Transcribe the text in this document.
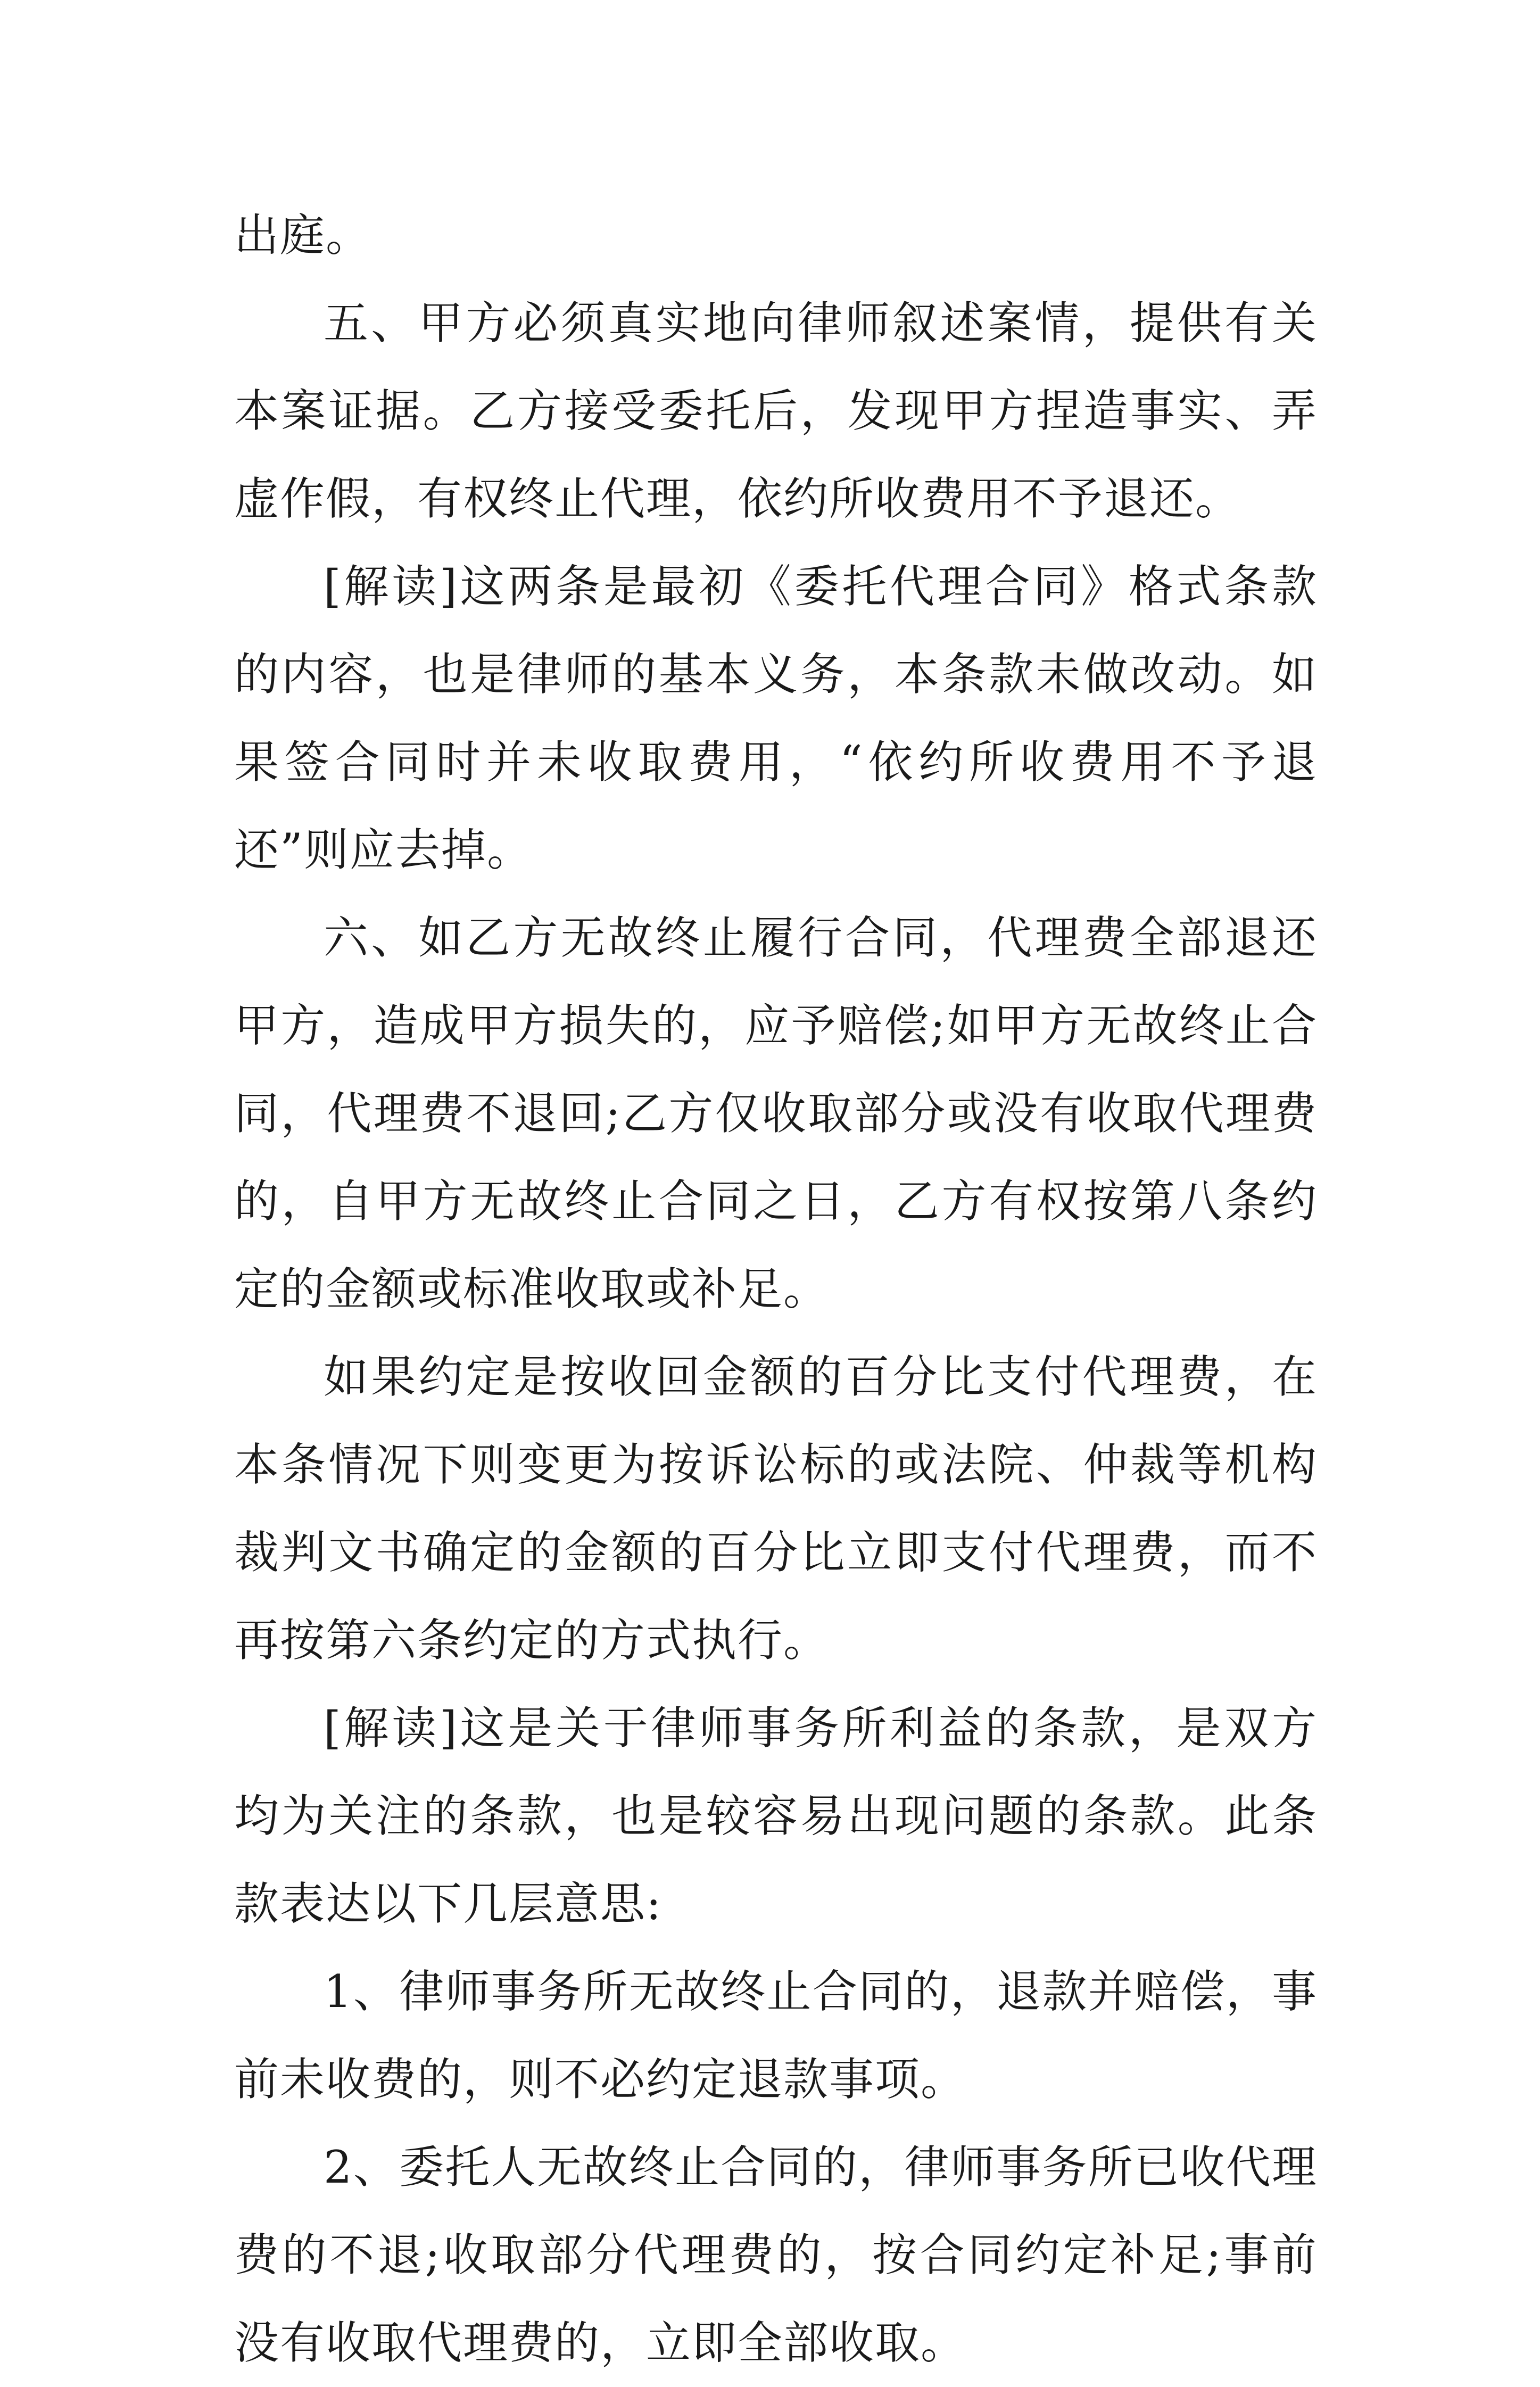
出庭。

五、甲方必须真实地向律师叙述案情，提供有关本案证据。乙方接受委托后，发现甲方捏造事实、弄虚作假，有权终止代理，依约所收费用不予退还。

[解读]这两条是最初《委托代理合同》格式条款的内容，也是律师的基本义务，本条款未做改动。如果签合同时并未收取费用，“依约所收费用不予退还”则应去掉。

六、如乙方无故终止履行合同，代理费全部退还甲方，造成甲方损失的，应予赔偿;如甲方无故终止合同，代理费不退回;乙方仅收取部分或没有收取代理费的，自甲方无故终止合同之日，乙方有权按第八条约定的金额或标准收取或补足。

如果约定是按收回金额的百分比支付代理费，在本条情况下则变更为按诉讼标的或法院、仲裁等机构裁判文书确定的金额的百分比立即支付代理费，而不再按第六条约定的方式执行。

[解读]这是关于律师事务所利益的条款，是双方均为关注的条款，也是较容易出现问题的条款。此条款表达以下几层意思:

1、律师事务所无故终止合同的，退款并赔偿，事前未收费的，则不必约定退款事项。

2、委托人无故终止合同的，律师事务所已收代理费的不退;收取部分代理费的，按合同约定补足;事前没有收取代理费的，立即全部收取。
